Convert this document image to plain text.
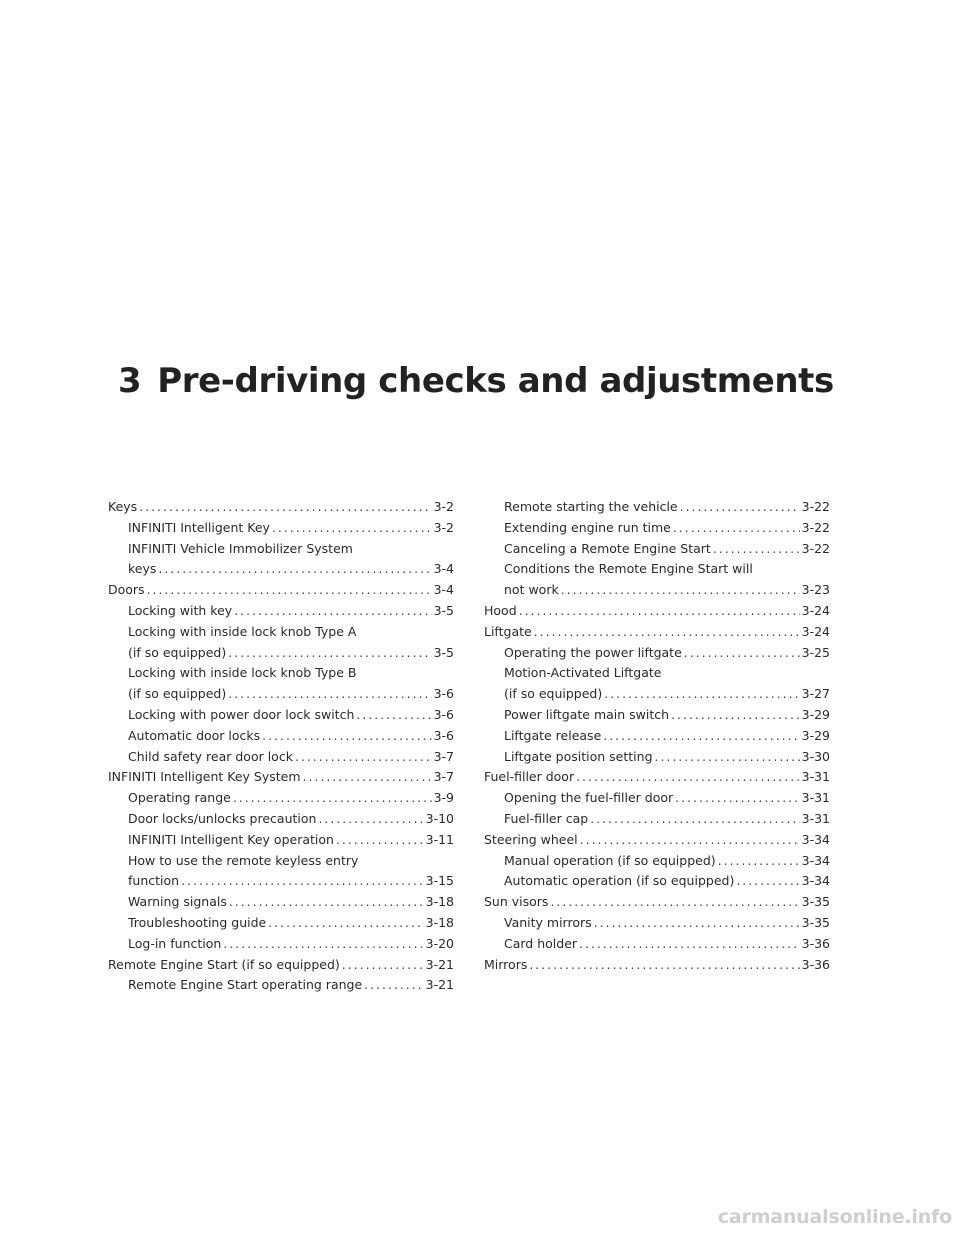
3 Pre-driving checks and adjustments
Keys . . .	3-2
INFINITI Intelligent Key . . .	3-2
INFINITI Vehicle Immobilizer System
keys . . .	3-4
Doors . . .	3-4
Locking with key . . .	3-5
Locking with inside lock knob Type A
(if so equipped) . . .	3-5
Locking with inside lock knob Type B
(if so equipped) . . .	3-6
Locking with power door lock switch . . .	3-6
Automatic door locks . . .	3-6
Child safety rear door lock . . .	3-7
INFINITI Intelligent Key System . . .	3-7
Operating range . . .	3-9
Door locks/unlocks precaution . . .	3-10
INFINITI Intelligent Key operation . . .	3-11
How to use the remote keyless entry
function . . .	3-15
Warning signals . . .	3-18
Troubleshooting guide . . .	3-18
Log-in function . . .	3-20
Remote Engine Start (if so equipped) . . .	3-21
Remote Engine Start operating range . . .	3-21
Remote starting the vehicle . . .	3-22
Extending engine run time . . .	3-22
Canceling a Remote Engine Start . . .	3-22
Conditions the Remote Engine Start will
not work . . .	3-23
Hood . . .	3-24
Liftgate . . .	3-24
Operating the power liftgate . . .	3-25
Motion-Activated Liftgate
(if so equipped) . . .	3-27
Power liftgate main switch . . .	3-29
Liftgate release . . .	3-29
Liftgate position setting . . .	3-30
Fuel-filler door . . .	3-31
Opening the fuel-filler door . . .	3-31
Fuel-filler cap . . .	3-31
Steering wheel . . .	3-34
Manual operation (if so equipped) . . .	3-34
Automatic operation (if so equipped) . . .	3-34
Sun visors . . .	3-35
Vanity mirrors . . .	3-35
Card holder . . .	3-36
Mirrors . . .	3-36
carmanualsonline.info
